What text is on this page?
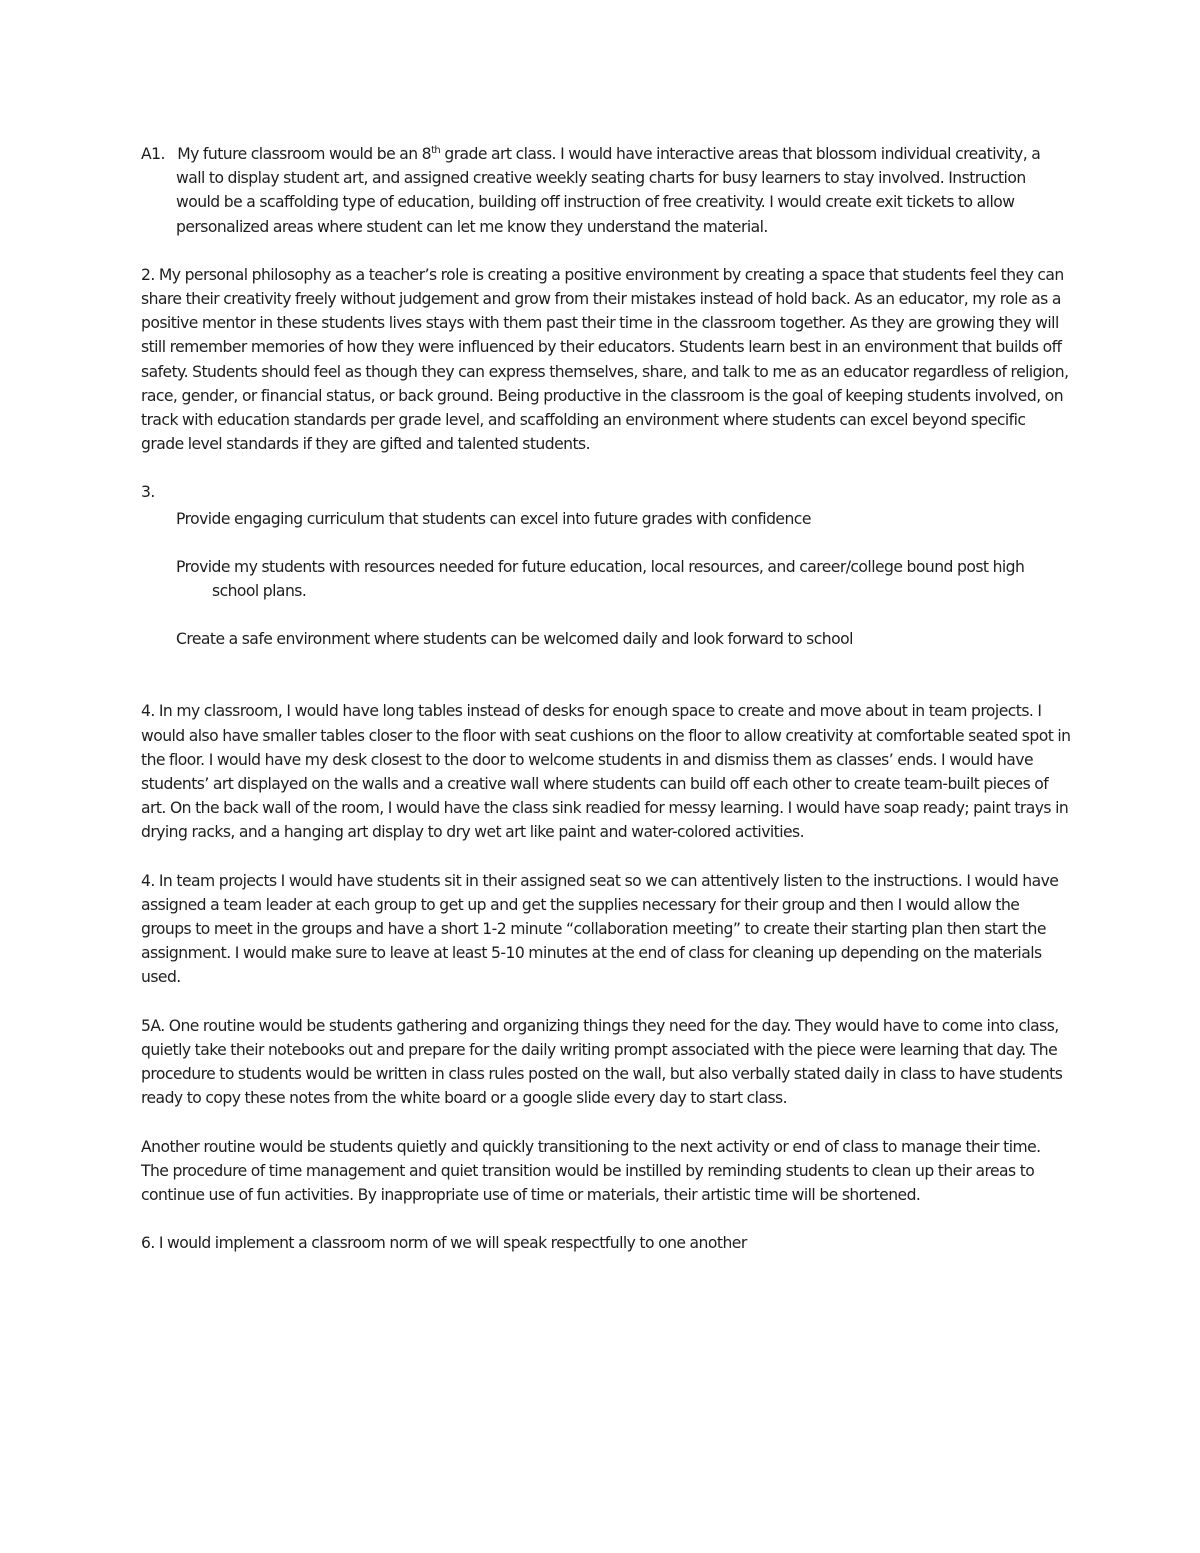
A1. My future classroom would be an 8th grade art class. I would have interactive areas that blossom individual creativity, a wall to display student art, and assigned creative weekly seating charts for busy learners to stay involved. Instruction would be a scaffolding type of education, building off instruction of free creativity. I would create exit tickets to allow personalized areas where student can let me know they understand the material.

2. My personal philosophy as a teacher’s role is creating a positive environment by creating a space that students feel they can share their creativity freely without judgement and grow from their mistakes instead of hold back. As an educator, my role as a positive mentor in these students lives stays with them past their time in the classroom together. As they are growing they will still remember memories of how they were influenced by their educators. Students learn best in an environment that builds off safety. Students should feel as though they can express themselves, share, and talk to me as an educator regardless of religion, race, gender, or financial status, or back ground. Being productive in the classroom is the goal of keeping students involved, on track with education standards per grade level, and scaffolding an environment where students can excel beyond specific grade level standards if they are gifted and talented students.

3.

Provide engaging curriculum that students can excel into future grades with confidence

Provide my students with resources needed for future education, local resources, and career/college bound post high school plans.

Create a safe environment where students can be welcomed daily and look forward to school

4. In my classroom, I would have long tables instead of desks for enough space to create and move about in team projects. I would also have smaller tables closer to the floor with seat cushions on the floor to allow creativity at comfortable seated spot in the floor. I would have my desk closest to the door to welcome students in and dismiss them as classes’ ends. I would have students’ art displayed on the walls and a creative wall where students can build off each other to create team-built pieces of art. On the back wall of the room, I would have the class sink readied for messy learning. I would have soap ready; paint trays in drying racks, and a hanging art display to dry wet art like paint and water-colored activities.

4. In team projects I would have students sit in their assigned seat so we can attentively listen to the instructions. I would have assigned a team leader at each group to get up and get the supplies necessary for their group and then I would allow the groups to meet in the groups and have a short 1-2 minute “collaboration meeting” to create their starting plan then start the assignment. I would make sure to leave at least 5-10 minutes at the end of class for cleaning up depending on the materials used.

5A. One routine would be students gathering and organizing things they need for the day. They would have to come into class, quietly take their notebooks out and prepare for the daily writing prompt associated with the piece were learning that day. The procedure to students would be written in class rules posted on the wall, but also verbally stated daily in class to have students ready to copy these notes from the white board or a google slide every day to start class.

Another routine would be students quietly and quickly transitioning to the next activity or end of class to manage their time. The procedure of time management and quiet transition would be instilled by reminding students to clean up their areas to continue use of fun activities. By inappropriate use of time or materials, their artistic time will be shortened.

6. I would implement a classroom norm of we will speak respectfully to one another
